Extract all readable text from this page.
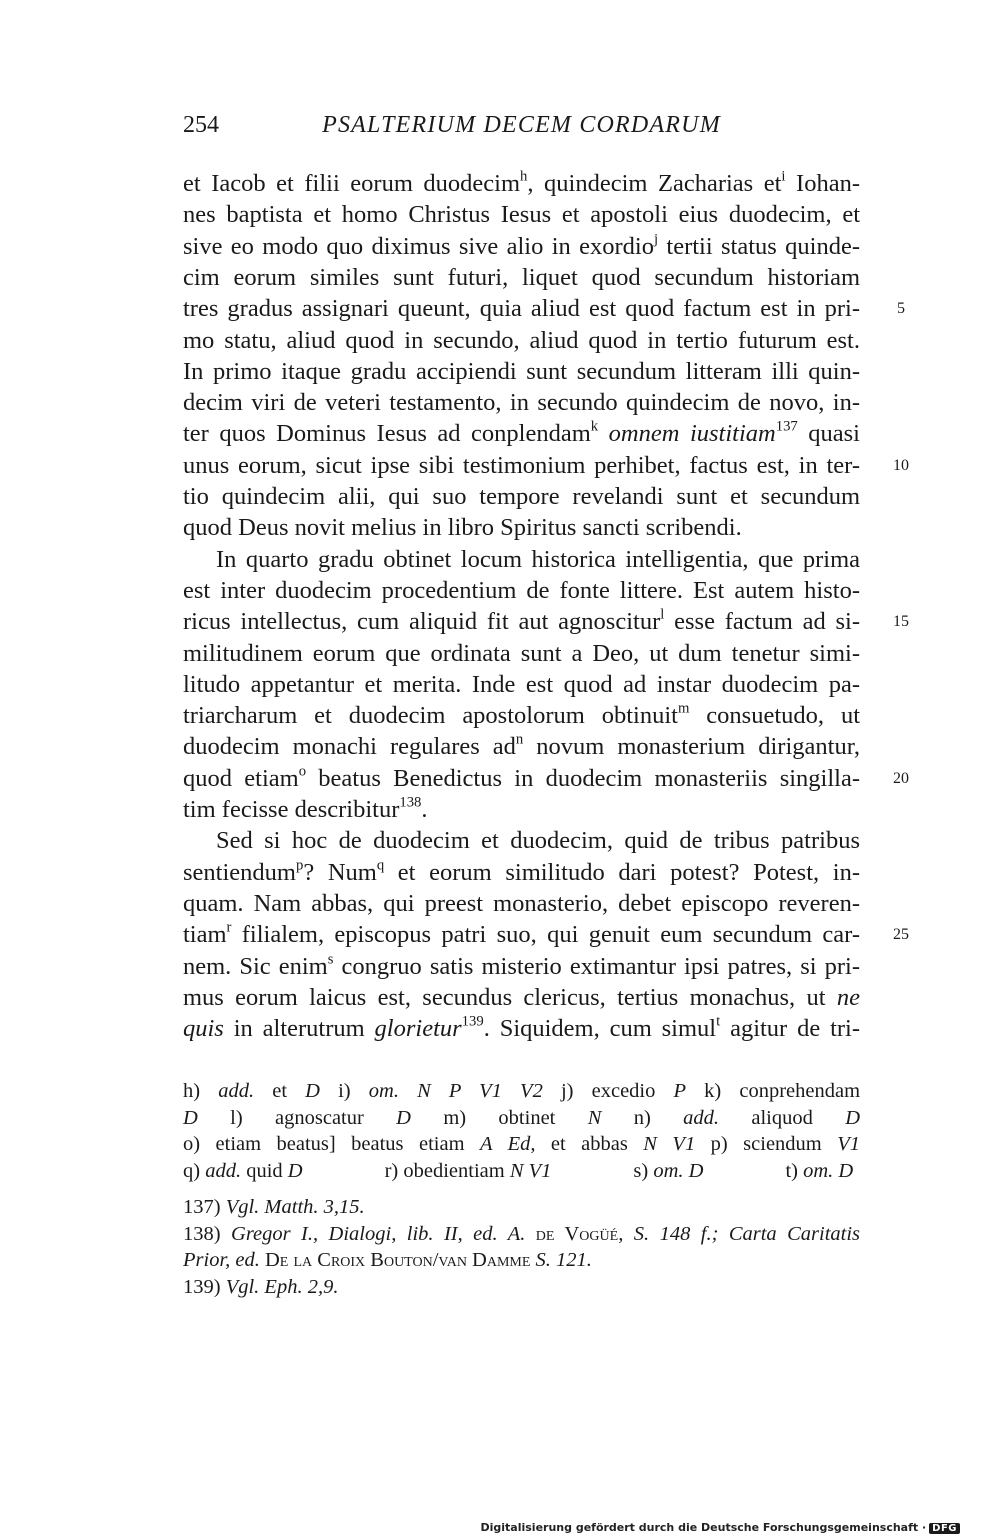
254	PSALTERIUM DECEM CORDARUM
et Iacob et filii eorum duodecim$^h$, quindecim Zacharias $et^i$ Iohan-
nes baptista et homo Christus Iesus et apostoli eius duodecim, et
sive eo modo quo diximus sive alio in exordio$^j$ tertii status quinde-
cim eorum similes sunt futuri, liquet quod secundum historiam
tres gradus assignari queunt, quia aliud est quod factum est in pri-	5
mo statu, aliud quod in secundo, aliud quod in tertio futurum est.
In primo itaque gradu accipiendi sunt secundum litteram illi quin-
decim viri de veteri testamento, in secundo quindecim de novo, in-
ter quos Dominus Iesus ad conplendam$^k$ omnem iustitiam$^{137}$ quasi
unus eorum, sicut ipse sibi testimonium perhibet, factus est, in ter-	10
tio quindecim alii, qui suo tempore revelandi sunt et secundum
quod Deus novit melius in libro Spiritus sancti scribendi.
In quarto gradu obtinet locum historica intelligentia, que prima
est inter duodecim procedentium de fonte littere. Est autem histo-
ricus intellectus, cum aliquid fit aut agnoscitur$^l$ esse factum ad si-	15
militudinem eorum que ordinata sunt a Deo, ut dum tenetur simi-
litudo appetantur et merita. Inde est quod ad instar duodecim pa-
triarcharum et duodecim apostolorum obtinuit$^m$ consuetudo, ut
duodecim monachi regulares $ad^n$ novum monasterium dirigantur,
quod etiam$^o$ beatus Benedictus in duodecim monasteriis singilla-	20
tim fecisse describitur$^{138}$.
Sed si hoc de duodecim et duodecim, quid de tribus patribus
sentiendum$^p$? Num$^q$ et eorum similitudo dari potest? Potest, in-
quam. Nam abbas, qui preest monasterio, debet episcopo reveren-
tiam$^r$ filialem, episcopus patri suo, qui genuit eum secundum car-	25
nem. Sic enim$^s$ congruo satis misterio extimantur ipsi patres, si pri-
mus eorum laicus est, secundus clericus, tertius monachus, ut ne
quis in alterutrum glorietur$^{139}$. Siquidem, cum simul$^t$ agitur de tri-
h) add. et D i) om. N P V1 V2 j) excedio P k) conprehendam
D l) agnoscatur D m) obtinet N n) add. aliquod D
o) etiam beatus] beatus etiam A Ed, et abbas N V1 p) sciendum V1
q) add. quid D    	r) obedientiam N V1    	s) om. D    	t) om. D
137) Vgl. Matth. 3,15.
138) Gregor I., Dialogi, lib. II, ed. A. de Vogüé, S. 148 f.; Carta Caritatis
Prior, ed. De la Croix Bouton/van Damme S. 121.
139) Vgl. Eph. 2,9.
Digitalisierung gefördert durch die Deutsche Forschungsgemeinschaft · DFG
